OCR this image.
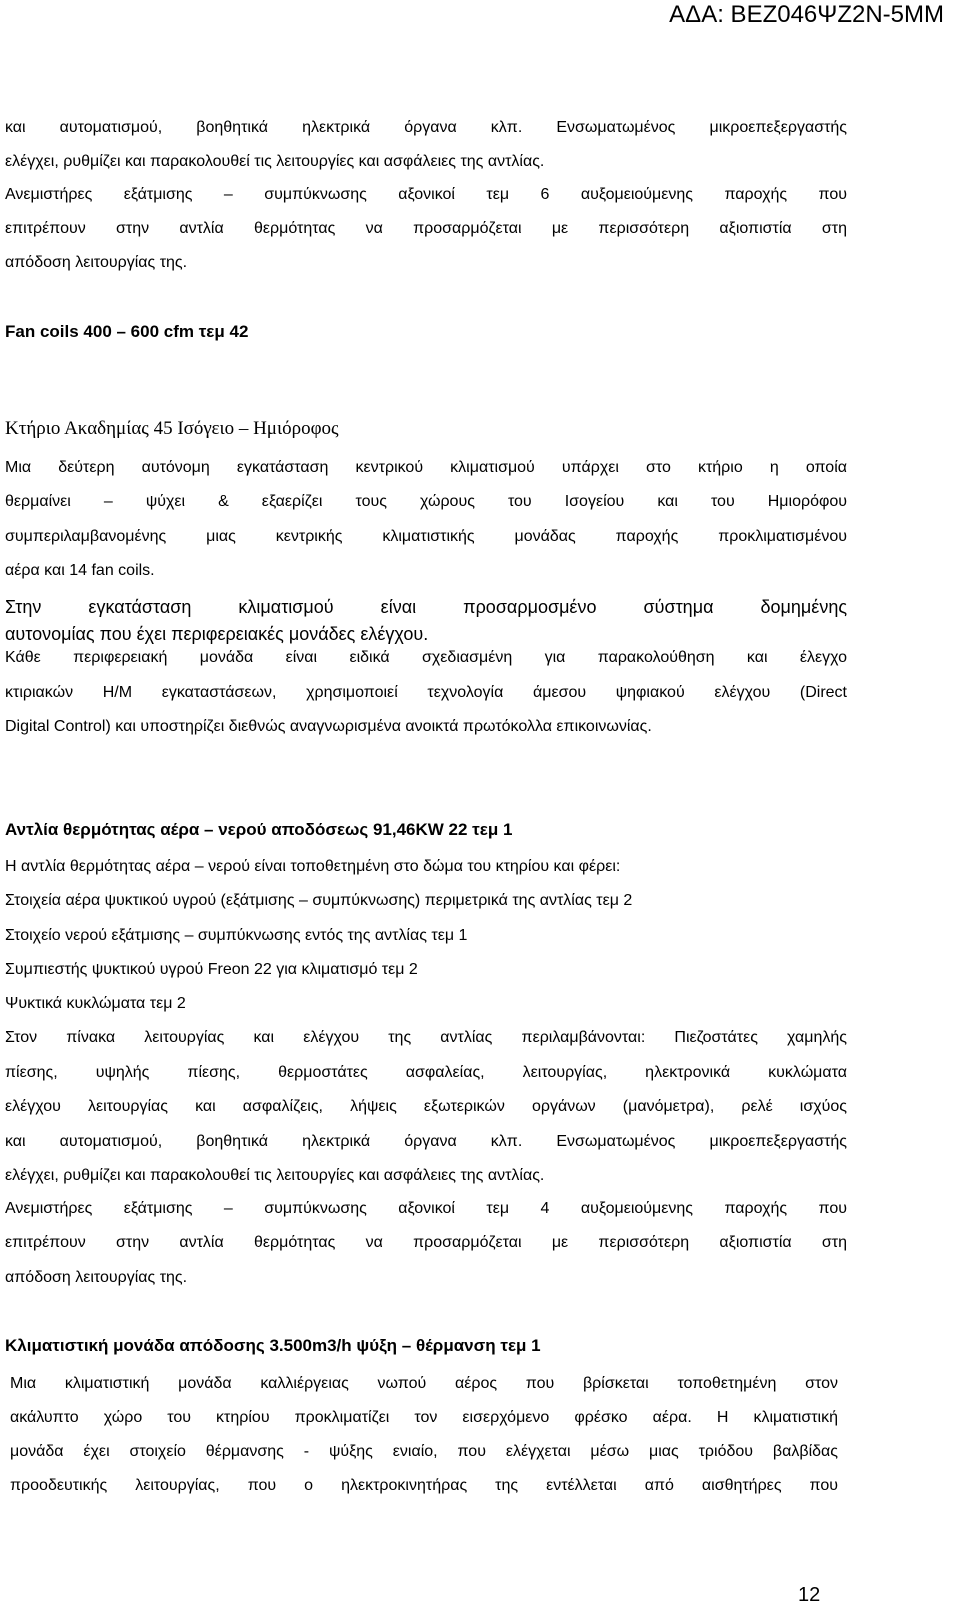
ΑΔΑ: ΒΕΖ046ΨΖ2Ν-5ΜΜ
και αυτοματισμού, βοηθητικά ηλεκτρικά όργανα κλπ. Ενσωματωμένος μικροεπεξεργαστής
ελέγχει, ρυθμίζει και παρακολουθεί τις λειτουργίες και ασφάλειες της αντλίας.
Ανεμιστήρες εξάτμισης – συμπύκνωσης αξονικοί τεμ 6 αυξομειούμενης παροχής που
επιτρέπουν στην αντλία θερμότητας να προσαρμόζεται με περισσότερη αξιοπιστία στη
απόδοση λειτουργίας της.
Fan coils 400 – 600 cfm τεμ 42
Κτήριο Ακαδημίας 45 Ισόγειο – Ημιόροφος
Μια δεύτερη αυτόνομη εγκατάσταση κεντρικού κλιματισμού υπάρχει στο κτήριο η οποία
θερμαίνει – ψύχει & εξαερίζει τους χώρους του Ισογείου και του Ημιορόφου
συμπεριλαμβανομένης μιας κεντρικής κλιματιστικής μονάδας παροχής προκλιματισμένου
αέρα και 14 fan coils.
Στην εγκατάσταση κλιματισμού είναι προσαρμοσμένο σύστημα δομημένης
αυτονομίας που έχει περιφερειακές μονάδες ελέγχου.
Κάθε περιφερειακή μονάδα είναι ειδικά σχεδιασμένη για παρακολούθηση και έλεγχο
κτιριακών Η/Μ εγκαταστάσεων, χρησιμοποιεί τεχνολογία άμεσου ψηφιακού ελέγχου (Direct
Digital Control) και υποστηρίζει διεθνώς αναγνωρισμένα ανοικτά πρωτόκολλα επικοινωνίας.
Αντλία θερμότητας αέρα – νερού αποδόσεως 91,46KW 22 τεμ 1
Η αντλία θερμότητας αέρα – νερού είναι τοποθετημένη στο δώμα του κτηρίου και φέρει:
Στοιχεία αέρα ψυκτικού υγρού (εξάτμισης – συμπύκνωσης) περιμετρικά της αντλίας τεμ 2
Στοιχείο νερού εξάτμισης – συμπύκνωσης εντός της αντλίας τεμ 1
Συμπιεστής ψυκτικού υγρού Freon 22 για κλιματισμό τεμ 2
Ψυκτικά κυκλώματα τεμ 2
Στον πίνακα λειτουργίας και ελέγχου της αντλίας περιλαμβάνονται: Πιεζοστάτες χαμηλής
πίεσης, υψηλής πίεσης, θερμοστάτες ασφαλείας, λειτουργίας, ηλεκτρονικά κυκλώματα
ελέγχου λειτουργίας και ασφαλίζεις, λήψεις εξωτερικών οργάνων (μανόμετρα), ρελέ ισχύος
και αυτοματισμού, βοηθητικά ηλεκτρικά όργανα κλπ. Ενσωματωμένος μικροεπεξεργαστής
ελέγχει, ρυθμίζει και παρακολουθεί τις λειτουργίες και ασφάλειες της αντλίας.
Ανεμιστήρες εξάτμισης – συμπύκνωσης αξονικοί τεμ 4 αυξομειούμενης παροχής που
επιτρέπουν στην αντλία θερμότητας να προσαρμόζεται με περισσότερη αξιοπιστία στη
απόδοση λειτουργίας της.
Κλιματιστική μονάδα απόδοσης 3.500m3/h ψύξη – θέρμανση τεμ 1
Μια κλιματιστική μονάδα καλλιέργειας νωπού αέρος που βρίσκεται τοποθετημένη στον
ακάλυπτο χώρο του κτηρίου προκλιματίζει τον εισερχόμενο φρέσκο αέρα. Η κλιματιστική
μονάδα έχει στοιχείο θέρμανσης - ψύξης ενιαίο, που ελέγχεται μέσω μιας τριόδου βαλβίδας
προοδευτικής λειτουργίας, που ο ηλεκτροκινητήρας της εντέλλεται από αισθητήρες που
12
